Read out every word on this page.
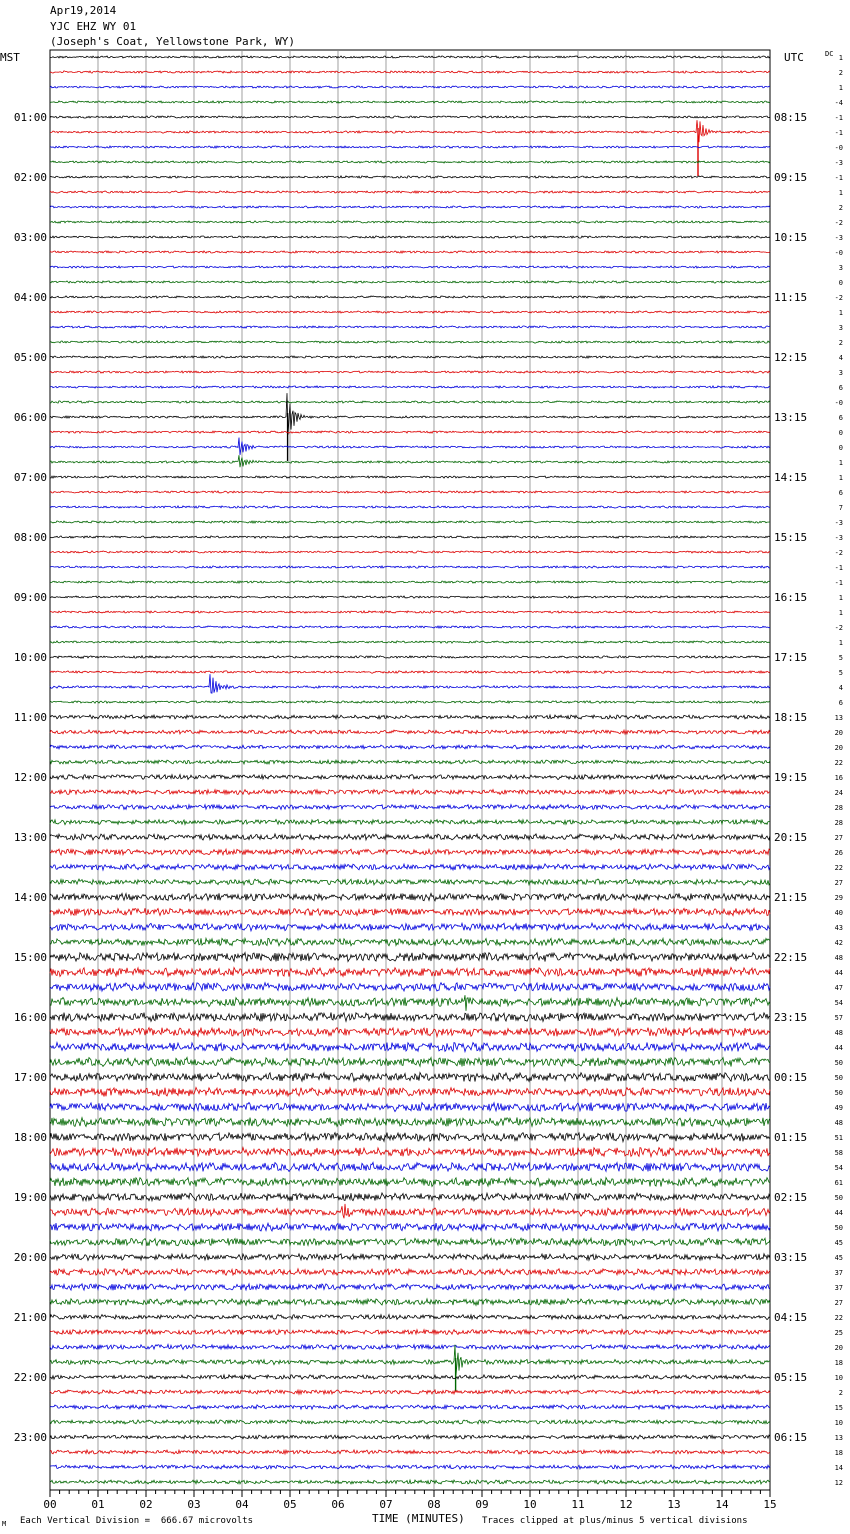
Apr19,2014
YJC EHZ WY 01
(Joseph's Coat, Yellowstone Park, WY)
1
2
1
-4
-1
-1
-0
-3
-1
1
2
-2
-3
-0
3
0
-2
1
3
2
4
3
6
-0
6
0
0
1
1
6
7
-3
-3
-2
-1
-1
1
1
-2
1
5
5
4
6
13
20
20
22
16
24
28
28
27
26
22
27
29
40
43
42
48
44
47
54
57
48
44
50
50
50
49
48
51
58
54
61
50
44
50
45
45
37
37
27
22
25
20
18
10
2
15
10
13
18
14
12
MST	UTC	DC
01:00
02:00
03:00
04:00
05:00
06:00
07:00
08:00
09:00
10:00
11:00
12:00
13:00
14:00
15:00
16:00
17:00
18:00
19:00
20:00
21:00
22:00
23:00
08:15
09:15
10:15
11:15
12:15
13:15
14:15
15:15
16:15
17:15
18:15
19:15
20:15
21:15
22:15
23:15
00:15
01:15
02:15
03:15
04:15
05:15
06:15
00	01	02	03	04	05	06	07	08	09	10	11	12	13	14	15
TIME (MINUTES)
Each Vertical Division =  666.67 microvolts	Traces clipped at plus/minus 5 vertical divisions
M
